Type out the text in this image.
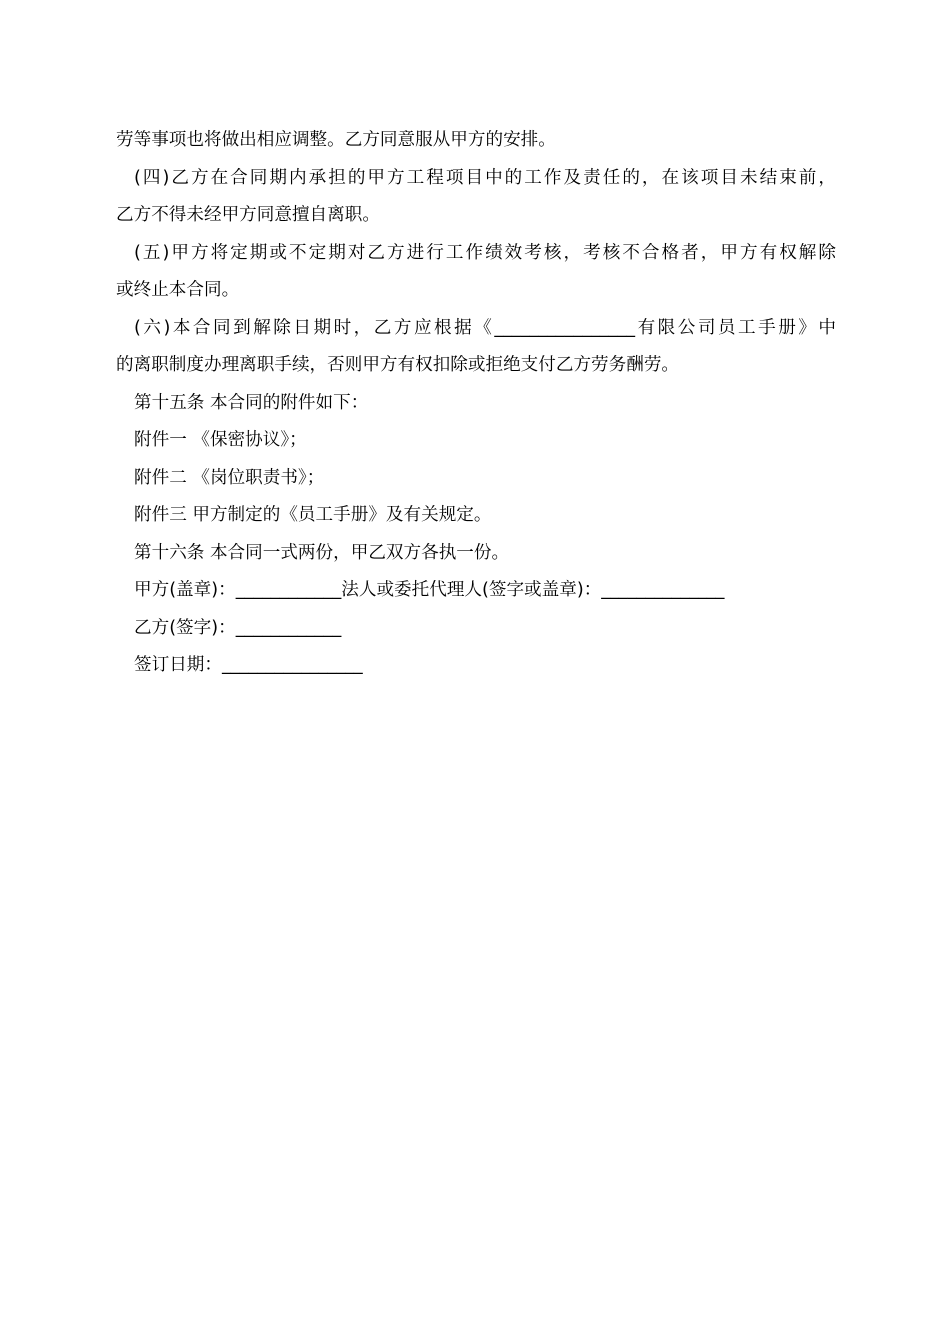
劳等事项也将做出相应调整。乙方同意服从甲方的安排。
(四)乙方在合同期内承担的甲方工程项目中的工作及责任的，在该项目未结束前，
乙方不得未经甲方同意擅自离职。
(五)甲方将定期或不定期对乙方进行工作绩效考核，考核不合格者，甲方有权解除
或终止本合同。
(六)本合同到解除日期时，乙方应根据《________________有限公司员工手册》中
的离职制度办理离职手续，否则甲方有权扣除或拒绝支付乙方劳务酬劳。
第十五条 本合同的附件如下：
附件一 《保密协议》；
附件二 《岗位职责书》；
附件三 甲方制定的《员工手册》及有关规定。
第十六条 本合同一式两份，甲乙双方各执一份。
甲方(盖章)：____________法人或委托代理人(签字或盖章)：______________
乙方(签字)：____________
签订日期：________________
